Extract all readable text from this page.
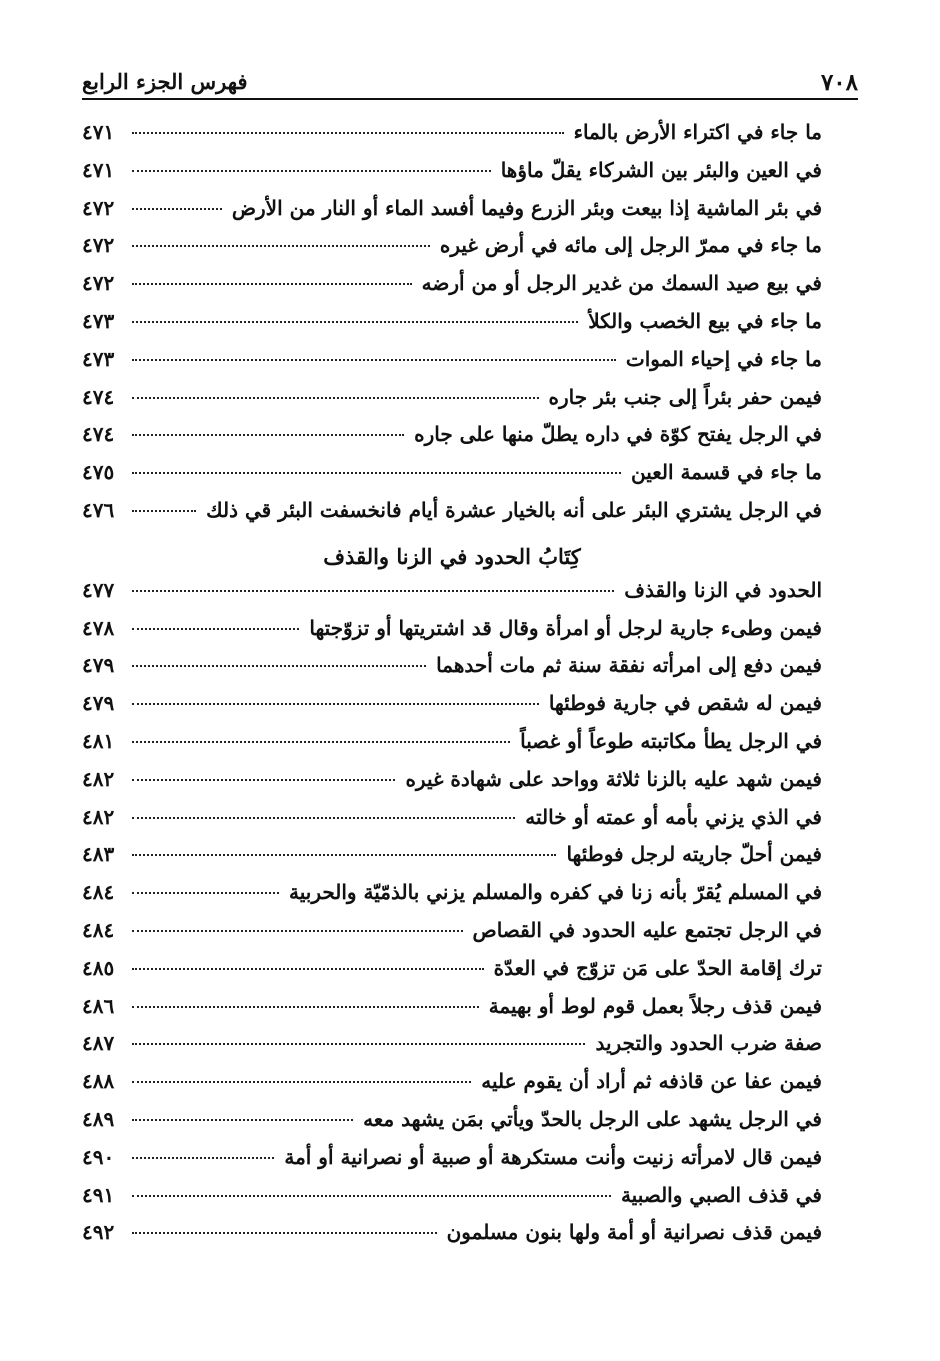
٧٠٨
فهرس الجزء الرابع
ما جاء في اكتراء الأرض بالماء
٤٧١
في العين والبئر بين الشركاء يقلّ ماؤها
٤٧١
في بئر الماشية إذا بيعت وبئر الزرع وفيما أفسد الماء أو النار من الأرض
٤٧٢
ما جاء في ممرّ الرجل إلى مائه في أرض غيره
٤٧٢
في بيع صيد السمك من غدير الرجل أو من أرضه
٤٧٢
ما جاء في بيع الخصب والكلأ
٤٧٣
ما جاء في إحياء الموات
٤٧٣
فيمن حفر بئراً إلى جنب بئر جاره
٤٧٤
في الرجل يفتح كوّة في داره يطلّ منها على جاره
٤٧٤
ما جاء في قسمة العين
٤٧٥
في الرجل يشتري البئر على أنه بالخيار عشرة أيام فانخسفت البئر قي ذلك
٤٧٦
كِتَابُ الحدود في الزنا والقذف
الحدود في الزنا والقذف
٤٧٧
فيمن وطىء جارية لرجل أو امرأة وقال قد اشتريتها أو تزوّجتها
٤٧٨
فيمن دفع إلى امرأته نفقة سنة ثم مات أحدهما
٤٧٩
فيمن له شقص في جارية فوطئها
٤٧٩
في الرجل يطأ مكاتبته طوعاً أو غصباً
٤٨١
فيمن شهد عليه بالزنا ثلاثة وواحد على شهادة غيره
٤٨٢
في الذي يزني بأمه أو عمته أو خالته
٤٨٢
فيمن أحلّ جاريته لرجل فوطئها
٤٨٣
في المسلم يُقرّ بأنه زنا في كفره والمسلم يزني بالذمّيّة والحربية
٤٨٤
في الرجل تجتمع عليه الحدود في القصاص
٤٨٤
ترك إقامة الحدّ على مَن تزوّج في العدّة
٤٨٥
فيمن قذف رجلاً بعمل قوم لوط أو بهيمة
٤٨٦
صفة ضرب الحدود والتجريد
٤٨٧
فيمن عفا عن قاذفه ثم أراد أن يقوم عليه
٤٨٨
في الرجل يشهد على الرجل بالحدّ ويأتي بمَن يشهد معه
٤٨٩
فيمن قال لامرأته زنيت وأنت مستكرهة أو صبية أو نصرانية أو أمة
٤٩٠
في قذف الصبي والصبية
٤٩١
فيمن قذف نصرانية أو أمة ولها بنون مسلمون
٤٩٢
